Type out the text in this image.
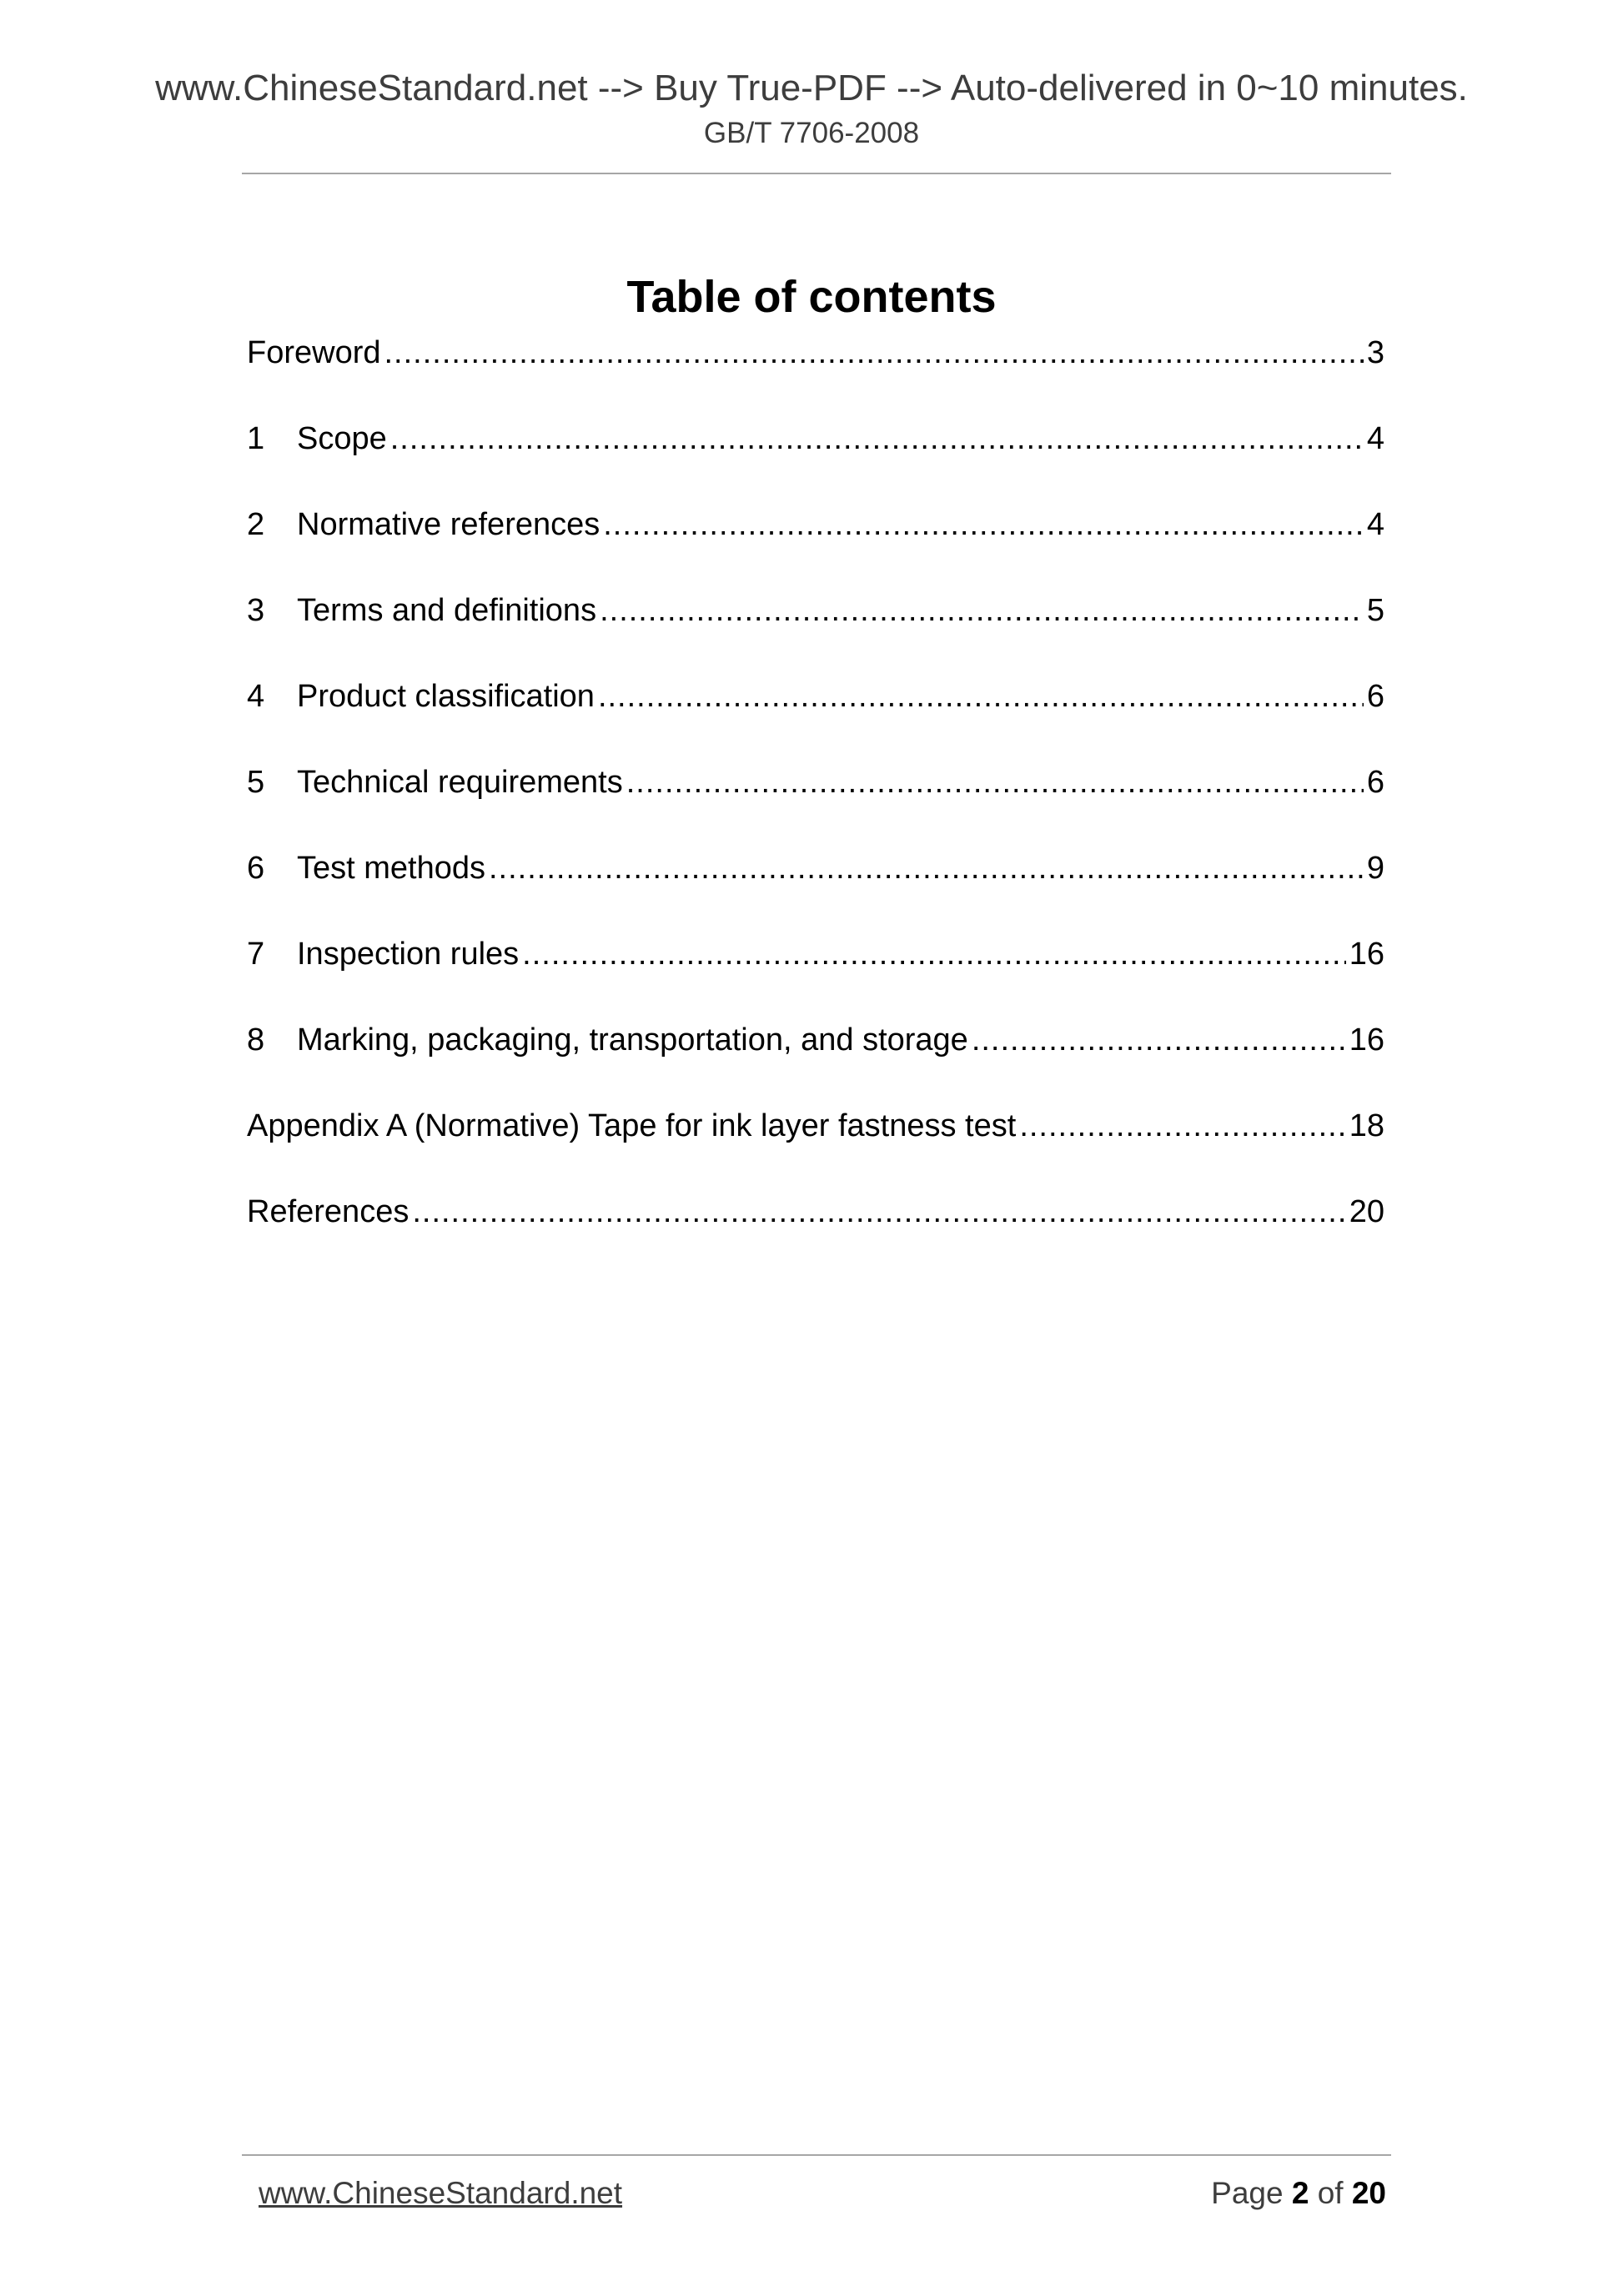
www.ChineseStandard.net --> Buy True-PDF --> Auto-delivered in 0~10 minutes.
GB/T 7706-2008
Table of contents
Foreword .....	3
1	Scope .....	4
2	Normative references .....	4
3	Terms and definitions .....	5
4	Product classification .....	6
5	Technical requirements .....	6
6	Test methods .....	9
7	Inspection rules .....	16
8	Marking, packaging, transportation, and storage .....	16
Appendix A (Normative) Tape for ink layer fastness test .....	18
References .....	20
www.ChineseStandard.net	Page 2 of 20
